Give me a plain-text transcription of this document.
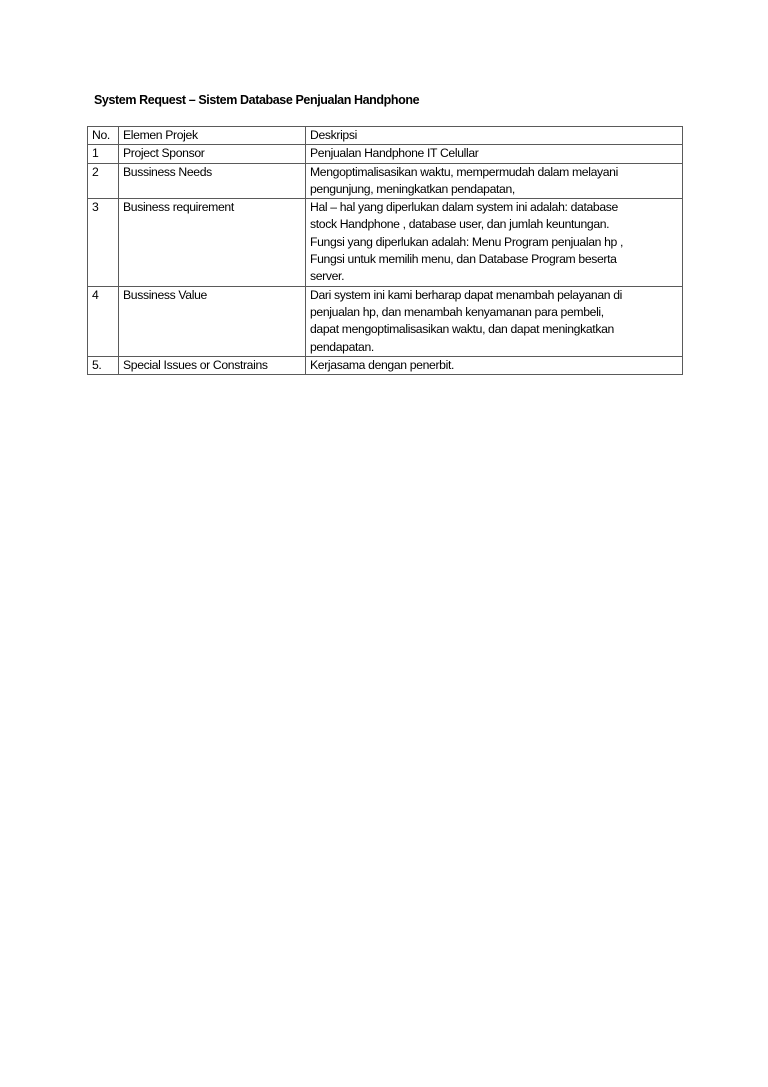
System Request – Sistem Database Penjualan Handphone
No.	Elemen Projek	Deskripsi
1	Project Sponsor	Penjualan Handphone IT Celullar

2	Bussiness Needs	Mengoptimalisasikan waktu, mempermudah dalam melayani
pengunjung, meningkatkan pendapatan,

3	Business requirement	Hal – hal yang diperlukan dalam system ini adalah: database
stock Handphone , database user, dan jumlah keuntungan.
Fungsi yang diperlukan adalah: Menu Program penjualan hp ,
Fungsi untuk memilih menu, dan Database Program beserta
server.

4	Bussiness Value	Dari system ini kami berharap dapat menambah pelayanan di
penjualan hp, dan menambah kenyamanan para pembeli,
dapat mengoptimalisasikan waktu, dan dapat meningkatkan
pendapatan.

5.	Special Issues or Constrains	Kerjasama dengan penerbit.
